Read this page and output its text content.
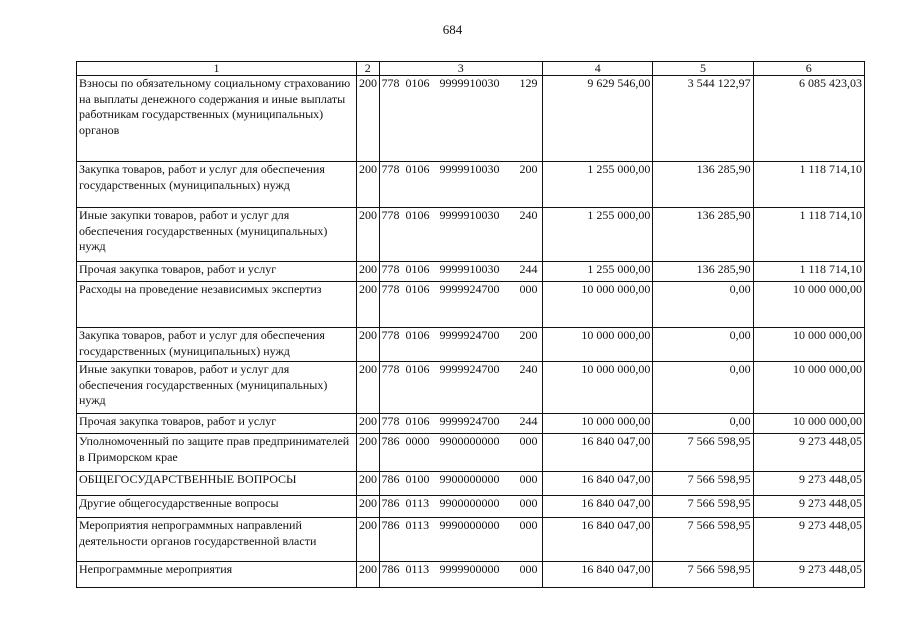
684
1	2	3	4	5	6
Взносы по обязательному социальному страхованию на выплаты денежного содержания и иные выплаты работникам государственных (муниципальных) органов	200	778 0106 9999910030 129	9 629 546,00	3 544 122,97	6 085 423,03
Закупка товаров, работ и услуг для обеспечения государственных (муниципальных) нужд	200	778 0106 9999910030 200	1 255 000,00	136 285,90	1 118 714,10
Иные закупки товаров, работ и услуг для обеспечения государственных (муниципальных) нужд	200	778 0106 9999910030 240	1 255 000,00	136 285,90	1 118 714,10
Прочая закупка товаров, работ и услуг	200	778 0106 9999910030 244	1 255 000,00	136 285,90	1 118 714,10
Расходы на проведение независимых экспертиз	200	778 0106 9999924700 000	10 000 000,00	0,00	10 000 000,00
Закупка товаров, работ и услуг для обеспечения государственных (муниципальных) нужд	200	778 0106 9999924700 200	10 000 000,00	0,00	10 000 000,00
Иные закупки товаров, работ и услуг для обеспечения государственных (муниципальных) нужд	200	778 0106 9999924700 240	10 000 000,00	0,00	10 000 000,00
Прочая закупка товаров, работ и услуг	200	778 0106 9999924700 244	10 000 000,00	0,00	10 000 000,00
Уполномоченный по защите прав предпринимателей в Приморском крае	200	786 0000 9900000000 000	16 840 047,00	7 566 598,95	9 273 448,05
ОБЩЕГОСУДАРСТВЕННЫЕ ВОПРОСЫ	200	786 0100 9900000000 000	16 840 047,00	7 566 598,95	9 273 448,05
Другие общегосударственные вопросы	200	786 0113 9900000000 000	16 840 047,00	7 566 598,95	9 273 448,05
Мероприятия непрограммных направлений деятельности органов государственной власти	200	786 0113 9990000000 000	16 840 047,00	7 566 598,95	9 273 448,05
Непрограммные мероприятия	200	786 0113 9999900000 000	16 840 047,00	7 566 598,95	9 273 448,05
